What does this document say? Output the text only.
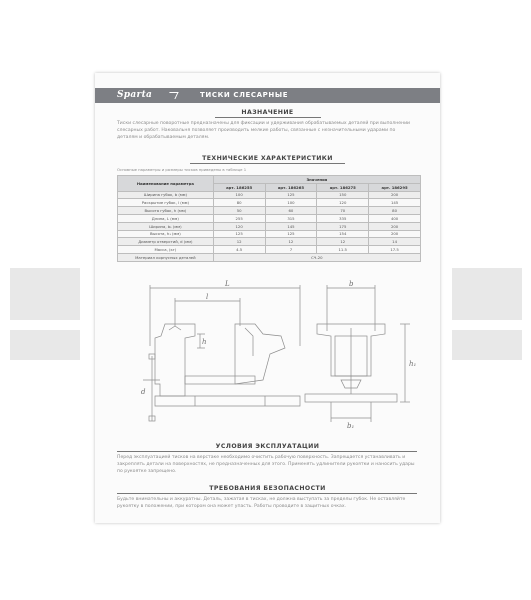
Sparta	ТИСКИ СЛЕСАРНЫЕ
НАЗНАЧЕНИЕ
Тиски слесарные поворотные предназначены для фиксации и удерживания обрабатываемых деталей при выполнении слесарных работ. Наковальня позволяет производить мелкие работы, связанные с незначительными ударами по деталям и обрабатываемым деталям.
ТЕХНИЧЕСКИЕ ХАРАКТЕРИСТИКИ
Основные параметры и размеры тисков приведены в таблице 1
Наименование параметра	Значения			
	арт. 186255	арт. 186265	арт. 186275	арт. 186295
Ширина губок, b (мм)	100	125	150	200
Раскрытие губок, l (мм)	80	100	120	145
Высота губок, h (мм)	50	60	70	80
Длина, L (мм)	255	315	335	400
Ширина, b₁ (мм)	120	145	175	200
Высота, h₁ (мм)	125	125	154	200
Диаметр отверстий, d (мм)	12	12	12	14
Масса, (кг)	4.5	7	11.5	17.5
Материал корпусных деталей	СЧ-20			
L
l
h
d
b
h₁
b₁
УСЛОВИЯ ЭКСПЛУАТАЦИИ
Перед эксплуатацией тисков на верстаке необходимо очистить рабочую поверхность. Запрещается устанавливать и закреплять детали на поверхностях, не предназначенных для этого. Применять удлинители рукоятки и наносить удары по рукоятке запрещено.
ТРЕБОВАНИЯ БЕЗОПАСНОСТИ
Будьте внимательны и аккуратны. Деталь, зажатая в тисках, не должна выступать за пределы губок. Не оставляйте рукоятку в положении, при котором она может упасть. Работы проводите в защитных очках.
